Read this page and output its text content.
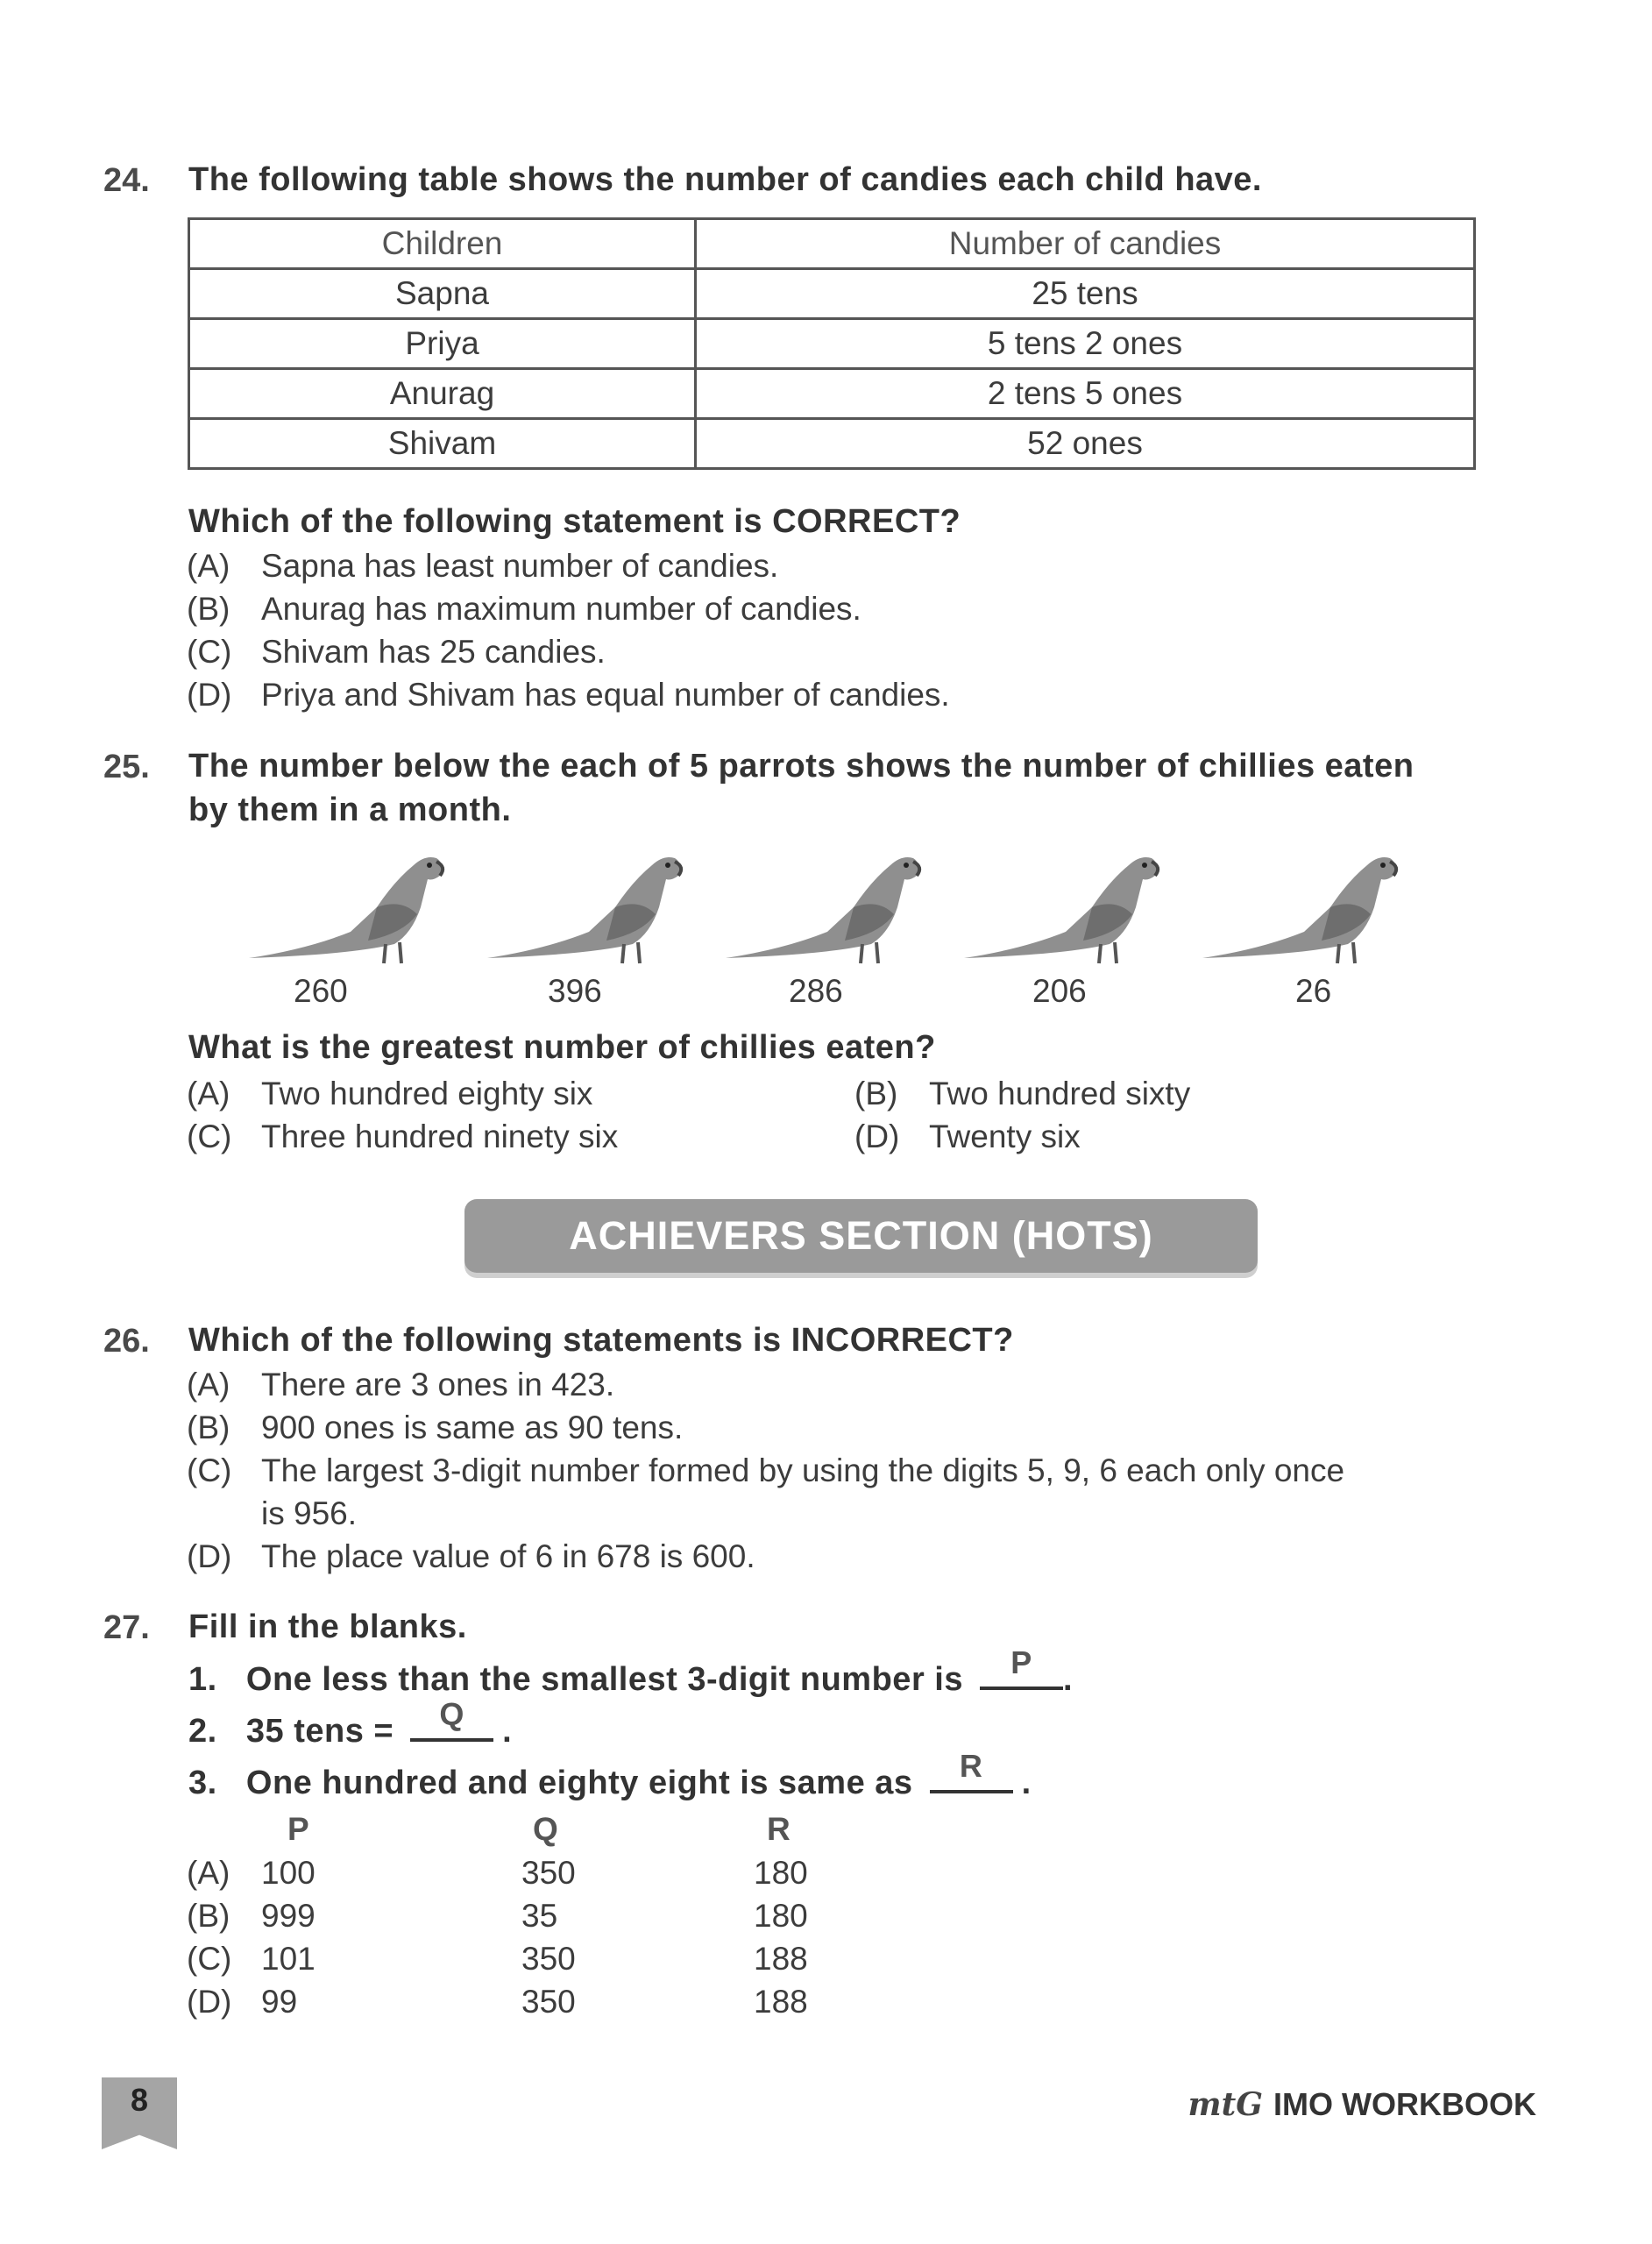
24. The following table shows the number of candies each child have.
Children	Number of candies
Sapna	25 tens
Priya	5 tens 2 ones
Anurag	2 tens 5 ones
Shivam	52 ones
Which of the following statement is CORRECT?
(A) Sapna has least number of candies.
(B) Anurag has maximum number of candies.
(C) Shivam has 25 candies.
(D) Priya and Shivam has equal number of candies.
25. The number below the each of 5 parrots shows the number of chillies eaten
by them in a month.
260	396	286	206	26
What is the greatest number of chillies eaten?
(A) Two hundred eighty six	(B) Two hundred sixty
(C) Three hundred ninety six	(D) Twenty six
ACHIEVERS SECTION (HOTS)
26. Which of the following statements is INCORRECT?
(A) There are 3 ones in 423.
(B) 900 ones is same as 90 tens.
(C) The largest 3-digit number formed by using the digits 5, 9, 6 each only once
is 956.
(D) The place value of 6 in 678 is 600.
27. Fill in the blanks.
1. One less than the smallest 3-digit number is	P .
2. 35 tens =	Q	.
3. One hundred and eighty eight is same as	R	.
P	Q	R
(A) 100	350	180
(B) 999	35	180
(C) 101	350	188
(D) 99	350	188
8	mtG IMO WORKBOOK
